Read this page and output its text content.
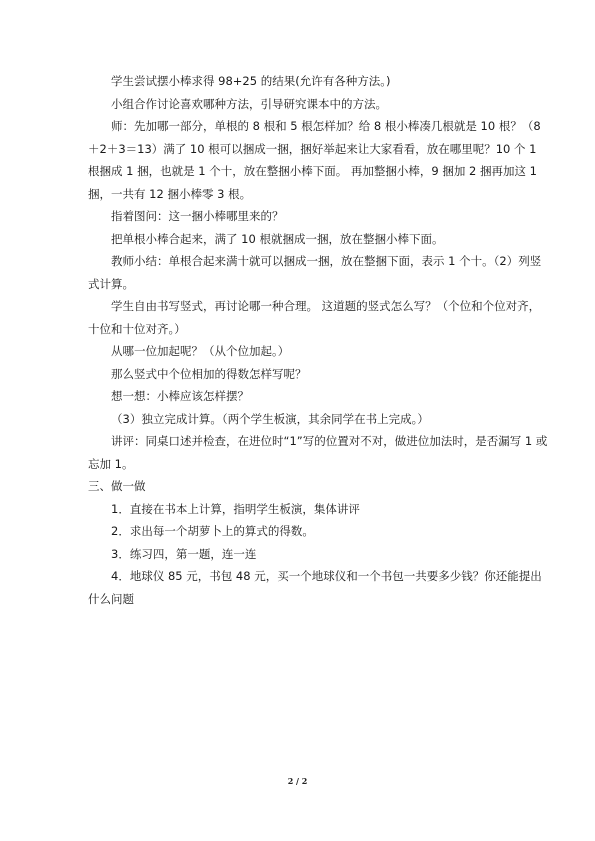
学生尝试摆小棒求得 98+25 的结果(允许有各种方法。)

小组合作讨论喜欢哪种方法，引导研究课本中的方法。

师：先加哪一部分，单根的 8 根和 5 根怎样加？给 8 根小棒凑几根就是 10 根？（8＋2＋3＝13）满了 10 根可以捆成一捆，捆好举起来让大家看看，放在哪里呢？10 个 1 根捆成 1 捆，也就是 1 个十，放在整捆小棒下面。 再加整捆小棒，9 捆加 2 捆再加这 1 捆，一共有 12 捆小棒零 3 根。

指着图问：这一捆小棒哪里来的？

把单根小棒合起来，满了 10 根就捆成一捆，放在整捆小棒下面。

教师小结：单根合起来满十就可以捆成一捆，放在整捆下面，表示 1 个十。（2）列竖式计算。

学生自由书写竖式，再讨论哪一种合理。 这道题的竖式怎么写？（个位和个位对齐，十位和十位对齐。）

从哪一位加起呢？（从个位加起。）

那么竖式中个位相加的得数怎样写呢？

想一想：小棒应该怎样摆？

（3）独立完成计算。（两个学生板演，其余同学在书上完成。）

讲评：同桌口述并检查，在进位时“1”写的位置对不对，做进位加法时，是否漏写 1 或忘加 1。

三、做一做

1．直接在书本上计算，指明学生板演，集体讲评

2．求出每一个胡萝卜上的算式的得数。

3．练习四，第一题，连一连

4．地球仪 85 元，书包 48 元，买一个地球仪和一个书包一共要多少钱？你还能提出什么问题

2 / 2
